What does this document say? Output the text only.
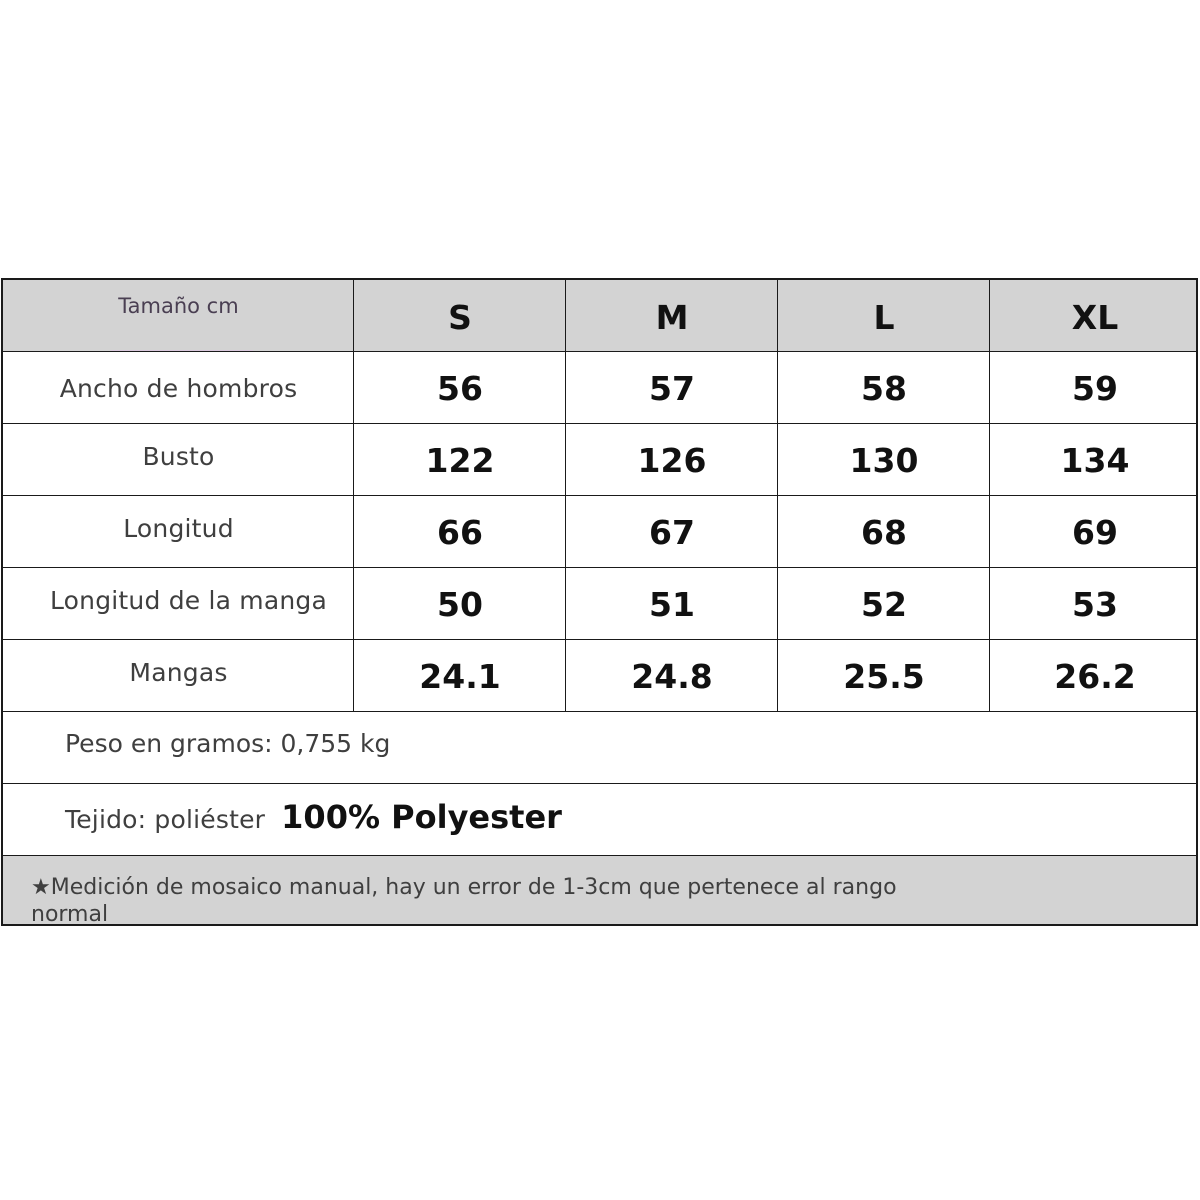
Tamaño cm	S	M	L	XL
Ancho de hombros	56	57	58	59
Busto	122	126	130	134
Longitud	66	67	68	69
Longitud de la manga	50	51	52	53
Mangas	24.1	24.8	25.5	26.2
Peso en gramos: 0,755 kg
Tejido: poliéster 100% Polyester
★Medición de mosaico manual, hay un error de 1-3cm que pertenece al rango normal
